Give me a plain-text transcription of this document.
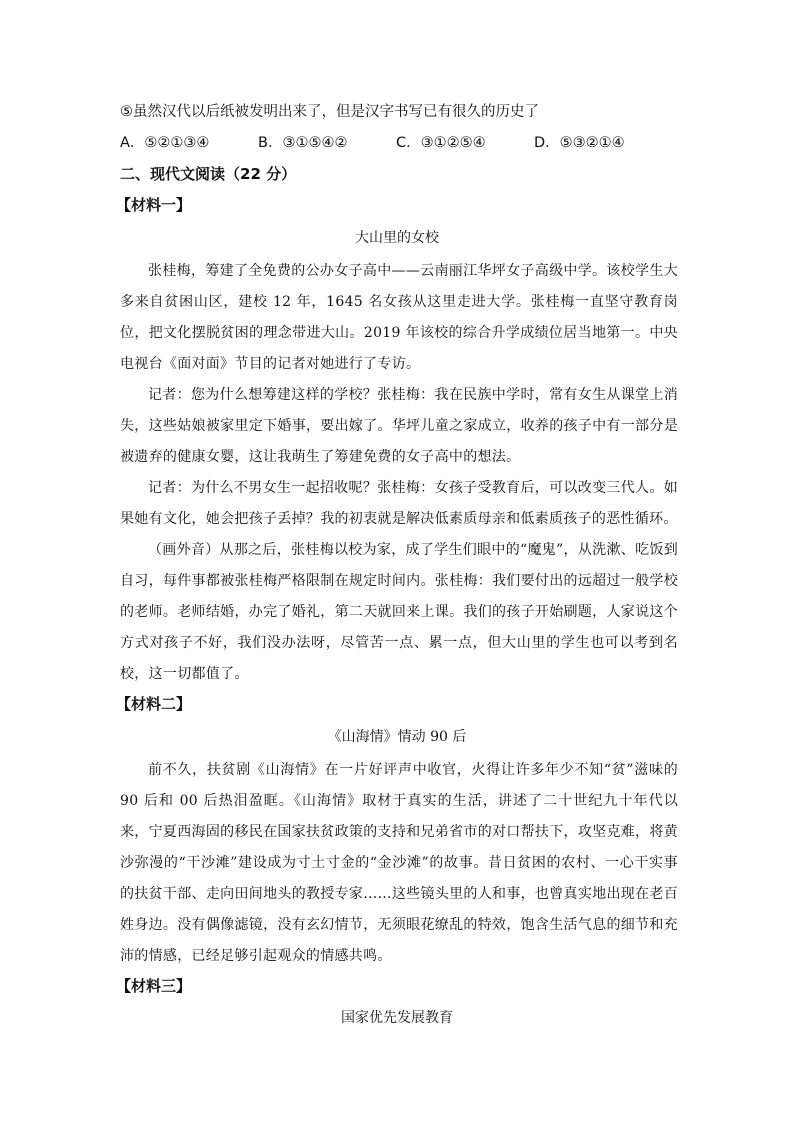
⑤虽然汉代以后纸被发明出来了，但是汉字书写已有很久的历史了
A．⑤②①③④	B．③①⑤④②	C．③①②⑤④	D．⑤③②①④
二、现代文阅读（22 分）
【材料一】
大山里的女校
张桂梅，筹建了全免费的公办女子高中——云南丽江华坪女子高级中学。该校学生大多来自贫困山区，建校 12 年，1645 名女孩从这里走进大学。张桂梅一直坚守教育岗位，把文化摆脱贫困的理念带进大山。2019 年该校的综合升学成绩位居当地第一。中央电视台《面对面》节目的记者对她进行了专访。
记者：您为什么想筹建这样的学校？张桂梅：我在民族中学时，常有女生从课堂上消失，这些姑娘被家里定下婚事，要出嫁了。华坪儿童之家成立，收养的孩子中有一部分是被遗弃的健康女婴，这让我萌生了筹建免费的女子高中的想法。
记者：为什么不男女生一起招收呢？张桂梅：女孩子受教育后，可以改变三代人。如果她有文化，她会把孩子丢掉？我的初衷就是解决低素质母亲和低素质孩子的恶性循环。
（画外音）从那之后，张桂梅以校为家，成了学生们眼中的“魔鬼”，从洗漱、吃饭到自习，每件事都被张桂梅严格限制在规定时间内。张桂梅：我们要付出的远超过一般学校的老师。老师结婚，办完了婚礼，第二天就回来上课。我们的孩子开始刷题，人家说这个方式对孩子不好，我们没办法呀，尽管苦一点、累一点，但大山里的学生也可以考到名校，这一切都值了。
【材料二】
《山海情》情动 90 后
前不久，扶贫剧《山海情》在一片好评声中收官，火得让许多年少不知“贫”滋味的 90 后和 00 后热泪盈眶。《山海情》取材于真实的生活，讲述了二十世纪九十年代以来，宁夏西海固的移民在国家扶贫政策的支持和兄弟省市的对口帮扶下，攻坚克难，将黄沙弥漫的“干沙滩”建设成为寸土寸金的“金沙滩”的故事。昔日贫困的农村、一心干实事的扶贫干部、走向田间地头的教授专家……这些镜头里的人和事，也曾真实地出现在老百姓身边。没有偶像滤镜，没有玄幻情节，无须眼花缭乱的特效，饱含生活气息的细节和充沛的情感，已经足够引起观众的情感共鸣。
【材料三】
国家优先发展教育
